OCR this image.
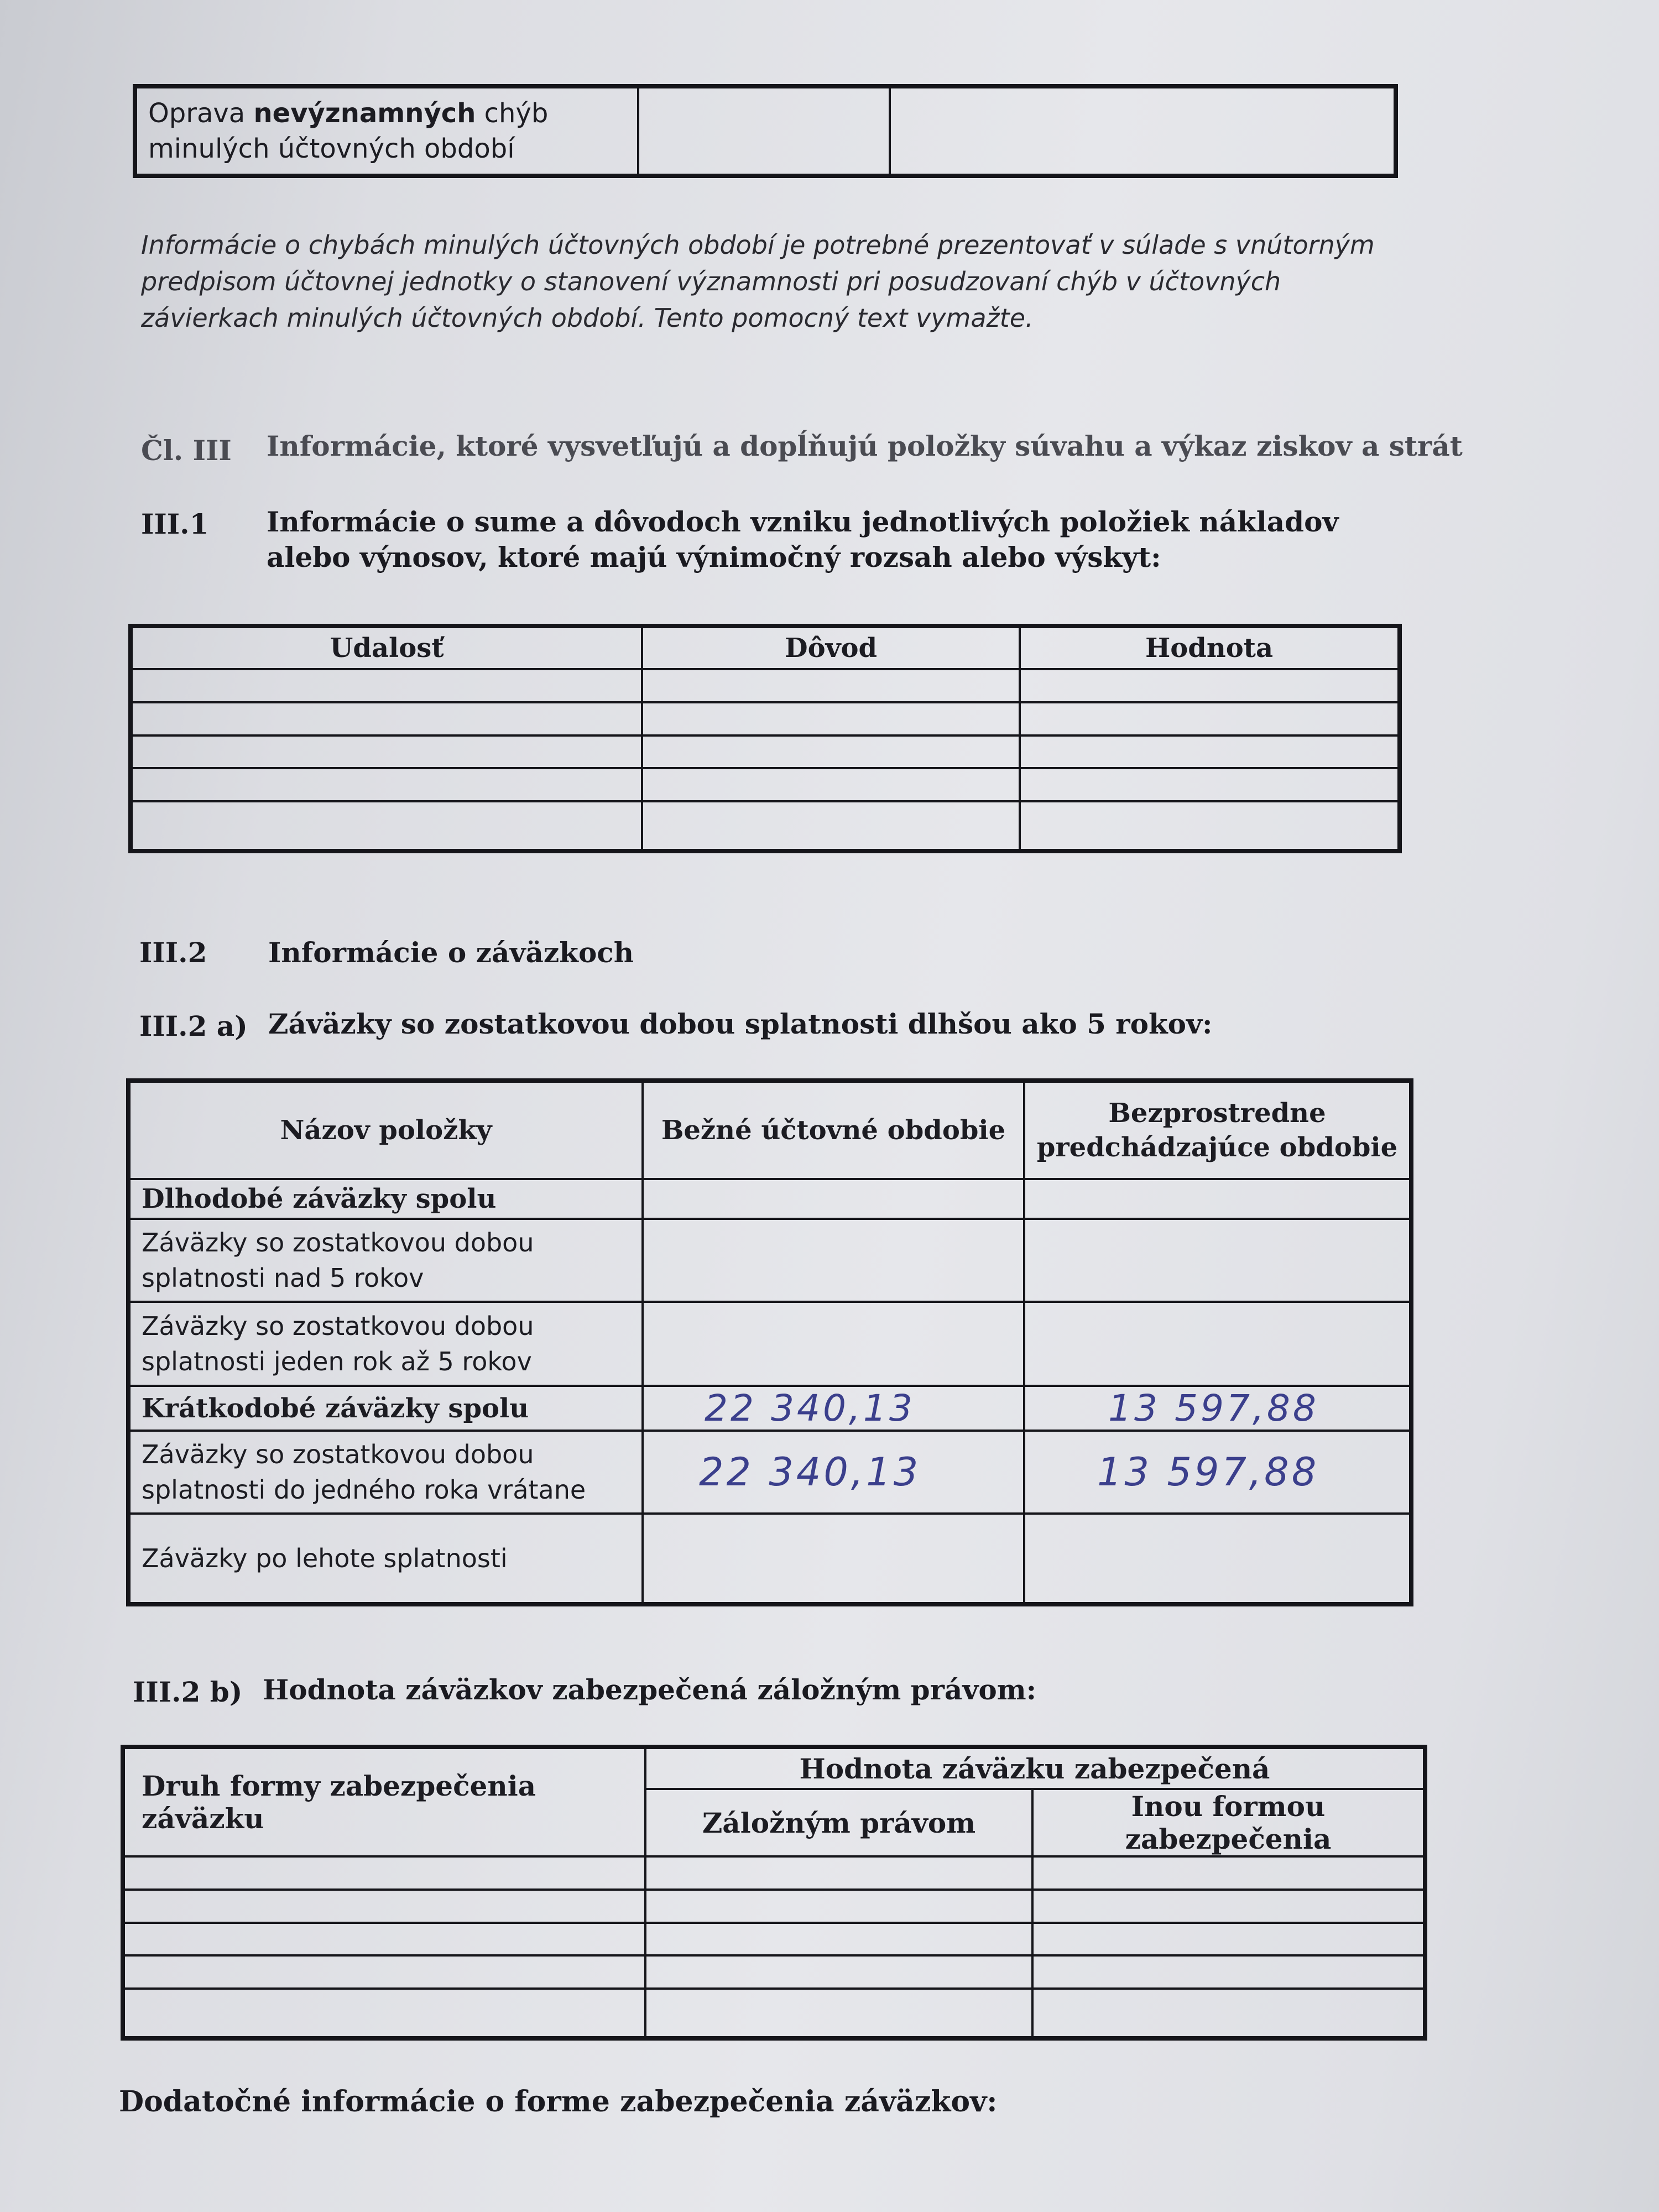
Oprava nevýznamných chýb
minulých účtovných období		

Informácie o chybách minulých účtovných období je potrebné prezentovať v súlade s vnútorným predpisom účtovnej jednotky o stanovení významnosti pri posudzovaní chýb v účtovných závierkach minulých účtovných období. Tento pomocný text vymažte.

Čl. III Informácie, ktoré vysvetľujú a dopĺňujú položky súvahu a výkaz ziskov a strát
III.1 Informácie o sume a dôvodoch vzniku jednotlivých položiek nákladov
alebo výnosov, ktoré majú výnimočný rozsah alebo výskyt:
Udalosť	Dôvod	Hodnota

III.2 Informácie o záväzkoch
III.2 a) Záväzky so zostatkovou dobou splatnosti dlhšou ako 5 rokov:
Názov položky	Bežné účtovné obdobie	Bezprostredne
predchádzajúce obdobie
Dlhodobé záväzky spolu		
Záväzky so zostatkovou dobou
splatnosti nad 5 rokov		
Záväzky so zostatkovou dobou
splatnosti jeden rok až 5 rokov		
Krátkodobé záväzky spolu	22 340,13	13 597,88
Záväzky so zostatkovou dobou
splatnosti do jedného roka vrátane	22 340,13	13 597,88
Záväzky po lehote splatnosti		
III.2 b) Hodnota záväzkov zabezpečená záložným právom:
Druh formy zabezpečenia záväzku	Hodnota záväzku zabezpečená	
	Záložným právom	Inou formou zabezpečenia

Dodatočné informácie o forme zabezpečenia záväzkov:
